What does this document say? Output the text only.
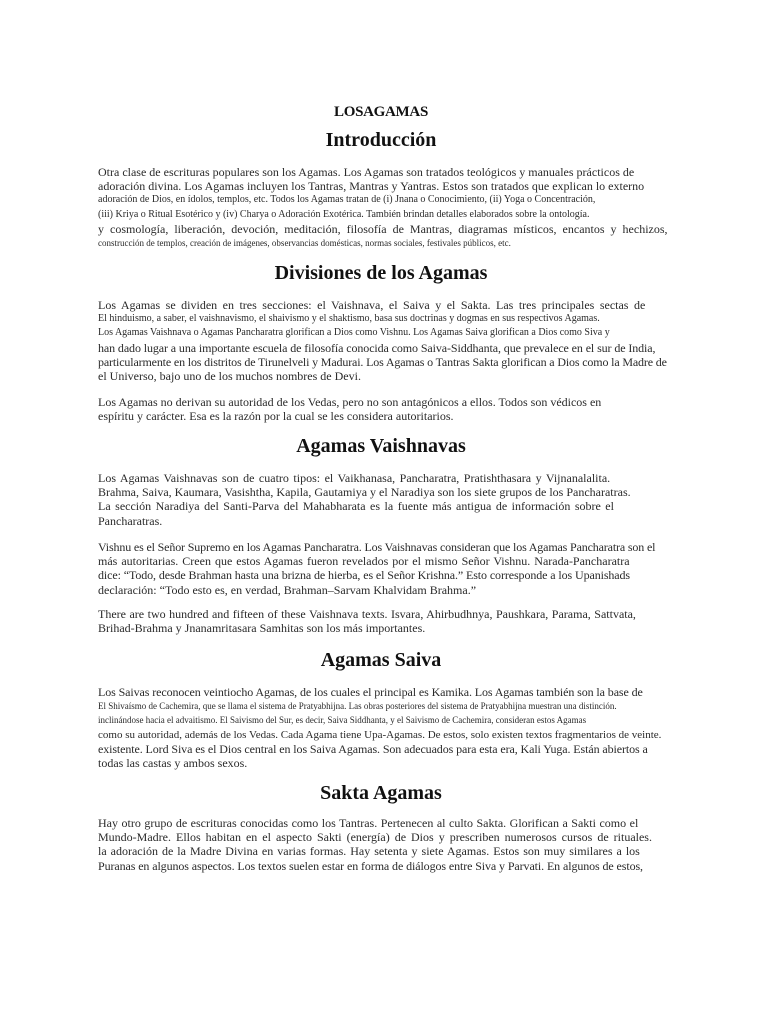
LOSAGAMAS

Introducción

Otra clase de escrituras populares son los Agamas. Los Agamas son tratados teológicos y manuales prácticos de
adoración divina. Los Agamas incluyen los Tantras, Mantras y Yantras. Estos son tratados que explican lo externo
adoración de Dios, en ídolos, templos, etc. Todos los Agamas tratan de (i) Jnana o Conocimiento, (ii) Yoga o Concentración,
(iii) Kriya o Ritual Esotérico y (iv) Charya o Adoración Exotérica. También brindan detalles elaborados sobre la ontología.
y cosmología, liberación, devoción, meditación, filosofía de Mantras, diagramas místicos, encantos y hechizos,
construcción de templos, creación de imágenes, observancias domésticas, normas sociales, festivales públicos, etc.

Divisiones de los Agamas

Los Agamas se dividen en tres secciones: el Vaishnava, el Saiva y el Sakta. Las tres principales sectas de
El hinduismo, a saber, el vaishnavismo, el shaivismo y el shaktismo, basa sus doctrinas y dogmas en sus respectivos Agamas.
Los Agamas Vaishnava o Agamas Pancharatra glorifican a Dios como Vishnu. Los Agamas Saiva glorifican a Dios como Siva y
han dado lugar a una importante escuela de filosofía conocida como Saiva-Siddhanta, que prevalece en el sur de India,
particularmente en los distritos de Tirunelveli y Madurai. Los Agamas o Tantras Sakta glorifican a Dios como la Madre de
el Universo, bajo uno de los muchos nombres de Devi.

Los Agamas no derivan su autoridad de los Vedas, pero no son antagónicos a ellos. Todos son védicos en
espíritu y carácter. Esa es la razón por la cual se les considera autoritarios.

Agamas Vaishnavas

Los Agamas Vaishnavas son de cuatro tipos: el Vaikhanasa, Pancharatra, Pratishthasara y Vijnanalalita.
Brahma, Saiva, Kaumara, Vasishtha, Kapila, Gautamiya y el Naradiya son los siete grupos de los Pancharatras.
La sección Naradiya del Santi-Parva del Mahabharata es la fuente más antigua de información sobre el
Pancharatras.

Vishnu es el Señor Supremo en los Agamas Pancharatra. Los Vaishnavas consideran que los Agamas Pancharatra son el
más autoritarias. Creen que estos Agamas fueron revelados por el mismo Señor Vishnu. Narada-Pancharatra
dice: “Todo, desde Brahman hasta una brizna de hierba, es el Señor Krishna.” Esto corresponde a los Upanishads
declaración: “Todo esto es, en verdad, Brahman–Sarvam Khalvidam Brahma.”

There are two hundred and fifteen of these Vaishnava texts. Isvara, Ahirbudhnya, Paushkara, Parama, Sattvata,
Brihad-Brahma y Jnanamritasara Samhitas son los más importantes.

Agamas Saiva

Los Saivas reconocen veintiocho Agamas, de los cuales el principal es Kamika. Los Agamas también son la base de
El Shivaísmo de Cachemira, que se llama el sistema de Pratyabhijna. Las obras posteriores del sistema de Pratyabhijna muestran una distinción.
inclinándose hacia el advaitismo. El Saivismo del Sur, es decir, Saiva Siddhanta, y el Saivismo de Cachemira, consideran estos Agamas
como su autoridad, además de los Vedas. Cada Agama tiene Upa-Agamas. De estos, solo existen textos fragmentarios de veinte.
existente. Lord Siva es el Dios central en los Saiva Agamas. Son adecuados para esta era, Kali Yuga. Están abiertos a
todas las castas y ambos sexos.

Sakta Agamas

Hay otro grupo de escrituras conocidas como los Tantras. Pertenecen al culto Sakta. Glorifican a Sakti como el
Mundo-Madre. Ellos habitan en el aspecto Sakti (energía) de Dios y prescriben numerosos cursos de rituales.
la adoración de la Madre Divina en varias formas. Hay setenta y siete Agamas. Estos son muy similares a los
Puranas en algunos aspectos. Los textos suelen estar en forma de diálogos entre Siva y Parvati. En algunos de estos,
